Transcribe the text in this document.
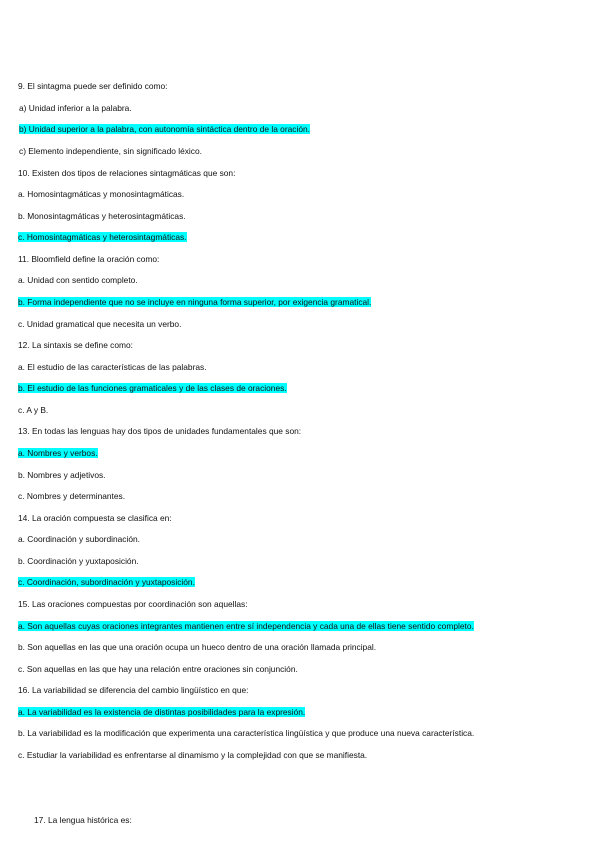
9. El sintagma puede ser definido como:
a) Unidad inferior a la palabra.
b) Unidad superior a la palabra, con autonomía sintáctica dentro de la oración.
c) Elemento independiente, sin significado léxico.
10. Existen dos tipos de relaciones sintagmáticas que son:
a. Homosintagmáticas y monosintagmáticas.
b. Monosintagmáticas y heterosintagmáticas.
c. Homosintagmáticas y heterosintagmáticas.
11. Bloomfield define la oración como:
a. Unidad con sentido completo.
b. Forma independiente que no se incluye en ninguna forma superior, por exigencia gramatical.
c. Unidad gramatical que necesita un verbo.
12. La sintaxis se define como:
a. El estudio de las características de las palabras.
b. El estudio de las funciones gramaticales y de las clases de oraciones.
c. A y B.
13. En todas las lenguas hay dos tipos de unidades fundamentales que son:
a. Nombres y verbos.
b. Nombres y adjetivos.
c. Nombres y determinantes.
14. La oración compuesta se clasifica en:
a. Coordinación y subordinación.
b. Coordinación y yuxtaposición.
c. Coordinación, subordinación y yuxtaposición.
15. Las oraciones compuestas por coordinación son aquellas:
a. Son aquellas cuyas oraciones integrantes mantienen entre sí independencia y cada una de ellas tiene sentido completo.
b. Son aquellas en las que una oración ocupa un hueco dentro de una oración llamada principal.
c. Son aquellas en las que hay una relación entre oraciones sin conjunción.
16. La variabilidad se diferencia del cambio lingüístico en que:
a. La variabilidad es la existencia de distintas posibilidades para la expresión.
b. La variabilidad es la modificación que experimenta una característica lingüística y que produce una nueva característica.
c. Estudiar la variabilidad es enfrentarse al dinamismo y la complejidad con que se manifiesta.
17. La lengua histórica es:
